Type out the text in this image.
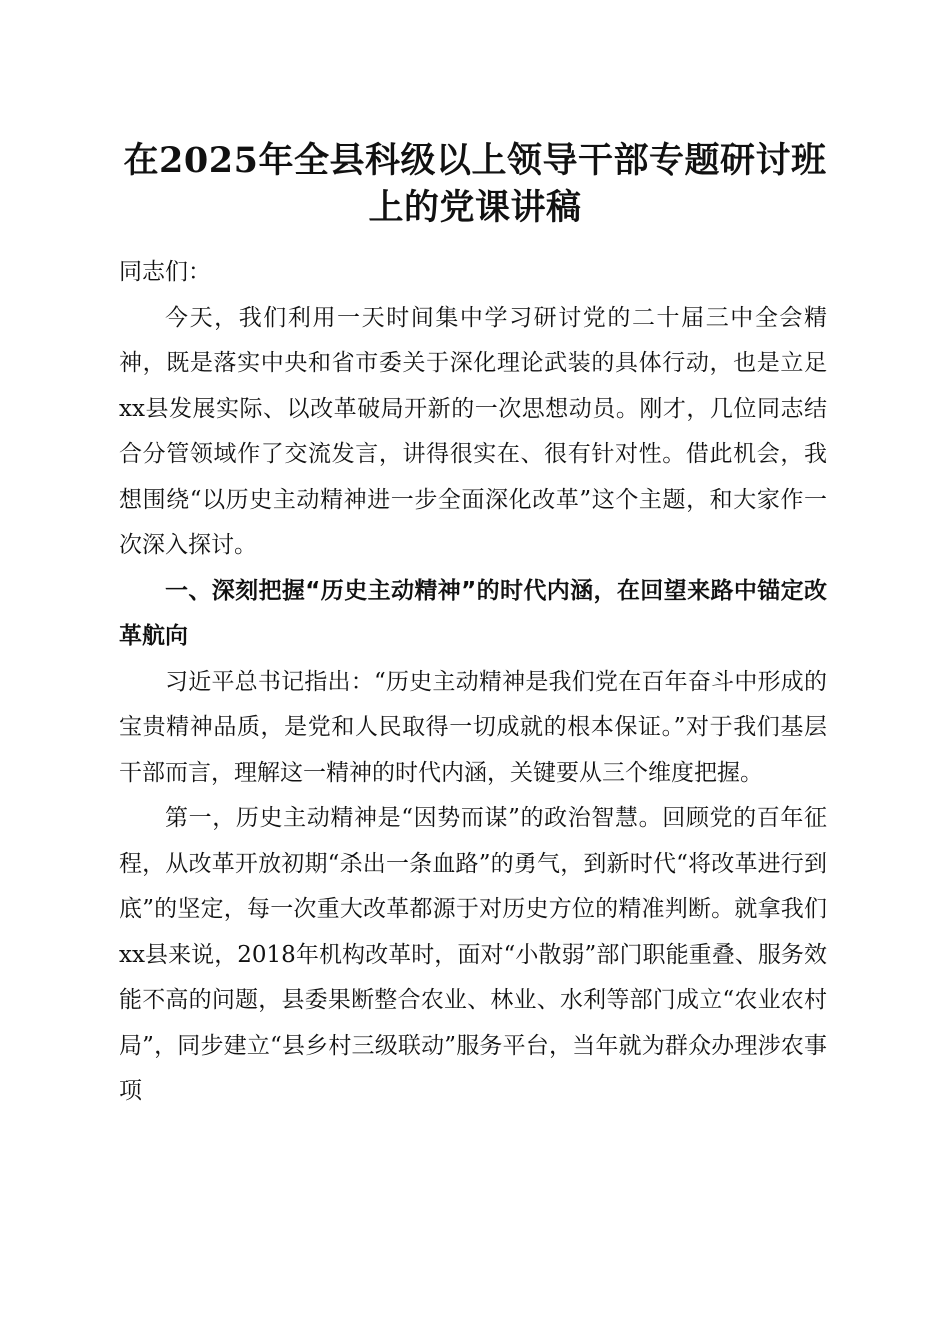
在2025年全县科级以上领导干部专题研讨班
上的党课讲稿

同志们：

今天，我们利用一天时间集中学习研讨党的二十届三中全会精神，既是落实中央和省市委关于深化理论武装的具体行动，也是立足xx县发展实际、以改革破局开新的一次思想动员。刚才，几位同志结合分管领域作了交流发言，讲得很实在、很有针对性。借此机会，我想围绕“以历史主动精神进一步全面深化改革”这个主题，和大家作一次深入探讨。

一、深刻把握“历史主动精神”的时代内涵，在回望来路中锚定改革航向

习近平总书记指出：“历史主动精神是我们党在百年奋斗中形成的宝贵精神品质，是党和人民取得一切成就的根本保证。”对于我们基层干部而言，理解这一精神的时代内涵，关键要从三个维度把握。

第一，历史主动精神是“因势而谋”的政治智慧。回顾党的百年征程，从改革开放初期“杀出一条血路”的勇气，到新时代“将改革进行到底”的坚定，每一次重大改革都源于对历史方位的精准判断。就拿我们xx县来说，2018年机构改革时，面对“小散弱”部门职能重叠、服务效能不高的问题，县委果断整合农业、林业、水利等部门成立“农业农村局”，同步建立“县乡村三级联动”服务平台，当年就为群众办理涉农事项
